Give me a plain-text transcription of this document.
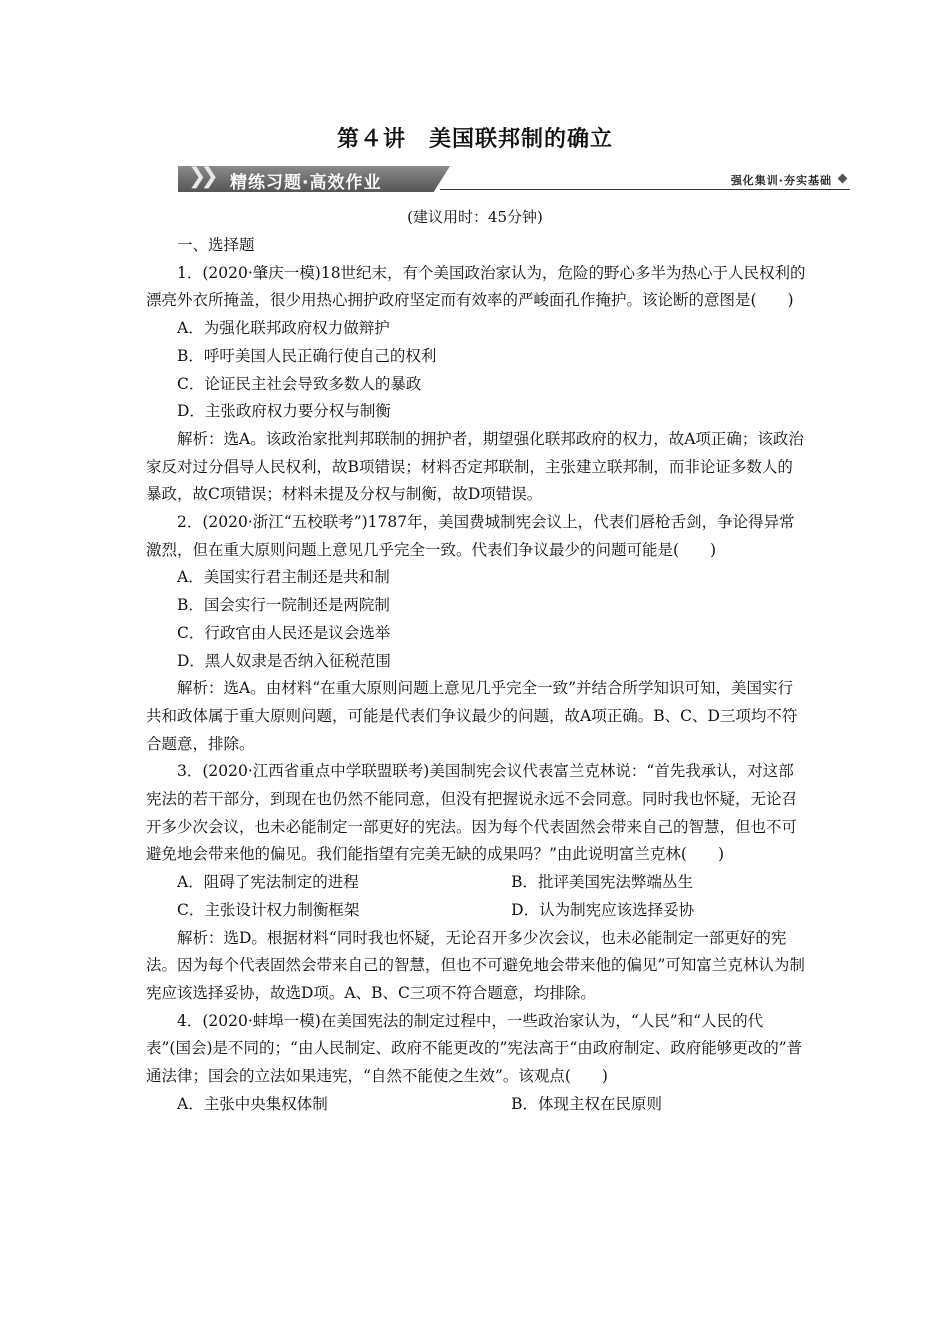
第４讲　美国联邦制的确立
❯❯ 精练习题·高效作业	强化集训·夯实基础
(建议用时：45分钟)

一、选择题

1．(2020·肇庆一模)18世纪末，有个美国政治家认为，危险的野心多半为热心于人民权利的漂亮外衣所掩盖，很少用热心拥护政府坚定而有效率的严峻面孔作掩护。该论断的意图是(　　)

A．为强化联邦政府权力做辩护

B．呼吁美国人民正确行使自己的权利

C．论证民主社会导致多数人的暴政

D．主张政府权力要分权与制衡

解析：选A。该政治家批判邦联制的拥护者，期望强化联邦政府的权力，故A项正确；该政治家反对过分倡导人民权利，故B项错误；材料否定邦联制，主张建立联邦制，而非论证多数人的暴政，故C项错误；材料未提及分权与制衡，故D项错误。

2．(2020·浙江“五校联考”)1787年，美国费城制宪会议上，代表们唇枪舌剑，争论得异常激烈，但在重大原则问题上意见几乎完全一致。代表们争议最少的问题可能是(　　)

A．美国实行君主制还是共和制

B．国会实行一院制还是两院制

C．行政官由人民还是议会选举

D．黑人奴隶是否纳入征税范围

解析：选A。由材料“在重大原则问题上意见几乎完全一致”并结合所学知识可知，美国实行共和政体属于重大原则问题，可能是代表们争议最少的问题，故A项正确。B、C、D三项均不符合题意，排除。

3．(2020·江西省重点中学联盟联考)美国制宪会议代表富兰克林说：“首先我承认，对这部宪法的若干部分，到现在也仍然不能同意，但没有把握说永远不会同意。同时我也怀疑，无论召开多少次会议，也未必能制定一部更好的宪法。因为每个代表固然会带来自己的智慧，但也不可避免地会带来他的偏见。我们能指望有完美无缺的成果吗？”由此说明富兰克林(　　)

A．阻碍了宪法制定的进程	B．批评美国宪法弊端丛生
C．主张设计权力制衡框架	D．认为制宪应该选择妥协

解析：选D。根据材料“同时我也怀疑，无论召开多少次会议，也未必能制定一部更好的宪法。因为每个代表固然会带来自己的智慧，但也不可避免地会带来他的偏见”可知富兰克林认为制宪应该选择妥协，故选D项。A、B、C三项不符合题意，均排除。

4．(2020·蚌埠一模)在美国宪法的制定过程中，一些政治家认为，“人民”和“人民的代表”(国会)是不同的；“由人民制定、政府不能更改的”宪法高于“由政府制定、政府能够更改的”普通法律；国会的立法如果违宪，“自然不能使之生效”。该观点(　　)

A．主张中央集权体制	B．体现主权在民原则
